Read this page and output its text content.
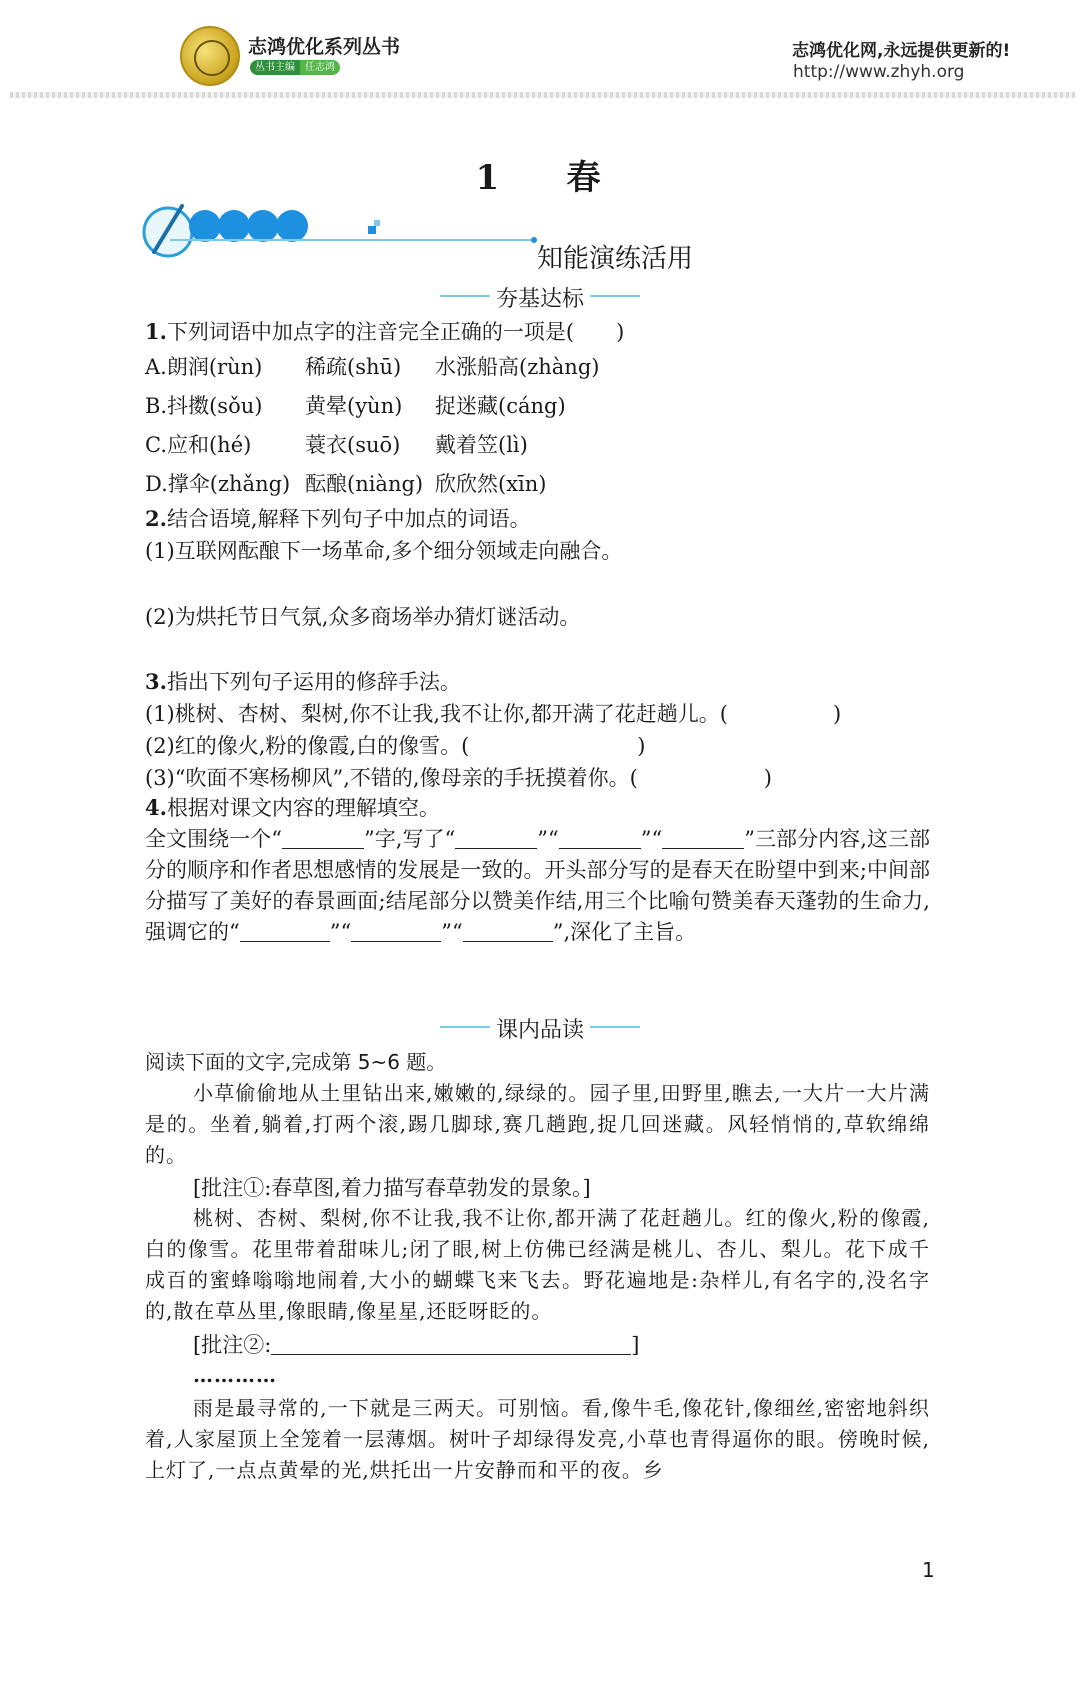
志鸿优化系列丛书
丛书主编	任志鸿
志鸿优化网,永远提供更新的!
http://www.zhyh.org
1 春
知能演练活用
夯基达标
1.下列词语中加点字的注音完全正确的一项是(　　)
A.朗润(rùn) 稀疏(shū) 水涨船高(zhàng)
B.抖擞(sǒu) 黄晕(yùn) 捉迷藏(cáng)
C.应和(hé)	蓑衣(suō) 戴着笠(lì)
D.撑伞(zhǎng) 酝酿(niàng) 欣欣然(xīn)
2.结合语境,解释下列句子中加点的词语。
(1)互联网酝酿下一场革命,多个细分领域走向融合。
(2)为烘托节日气氛,众多商场举办猜灯谜活动。
3.指出下列句子运用的修辞手法。
(1)桃树、杏树、梨树,你不让我,我不让你,都开满了花赶趟儿。(　　　　　)
(2)红的像火,粉的像霞,白的像雪。(　　　　　　　　)
(3)“吹面不寒杨柳风”,不错的,像母亲的手抚摸着你。(　　　　　　)
4.根据对课文内容的理解填空。
全文围绕一个“	”字,写了“	”“	”“	”三部分内容,这三部分的顺序和作者思想感情的发展是一致的。开头部分写的是春天在盼望中到来;中间部分描写了美好的春景画面;结尾部分以赞美作结,用三个比喻句赞美春天蓬勃的生命力,强调它的“	”“	”“	”,深化了主旨。
课内品读
阅读下面的文字,完成第 5~6 题。
小草偷偷地从土里钻出来,嫩嫩的,绿绿的。园子里,田野里,瞧去,一大片一大片满是的。坐着,躺着,打两个滚,踢几脚球,赛几趟跑,捉几回迷藏。风轻悄悄的,草软绵绵的。
[批注①:春草图,着力描写春草勃发的景象。]
桃树、杏树、梨树,你不让我,我不让你,都开满了花赶趟儿。红的像火,粉的像霞,白的像雪。花里带着甜味儿;闭了眼,树上仿佛已经满是桃儿、杏儿、梨儿。花下成千成百的蜜蜂嗡嗡地闹着,大小的蝴蝶飞来飞去。野花遍地是:杂样儿,有名字的,没名字的,散在草丛里,像眼睛,像星星,还眨呀眨的。
[批注②:	]
…………
雨是最寻常的,一下就是三两天。可别恼。看,像牛毛,像花针,像细丝,密密地斜织着,人家屋顶上全笼着一层薄烟。树叶子却绿得发亮,小草也青得逼你的眼。傍晚时候,上灯了,一点点黄晕的光,烘托出一片安静而和平的夜。乡
1
